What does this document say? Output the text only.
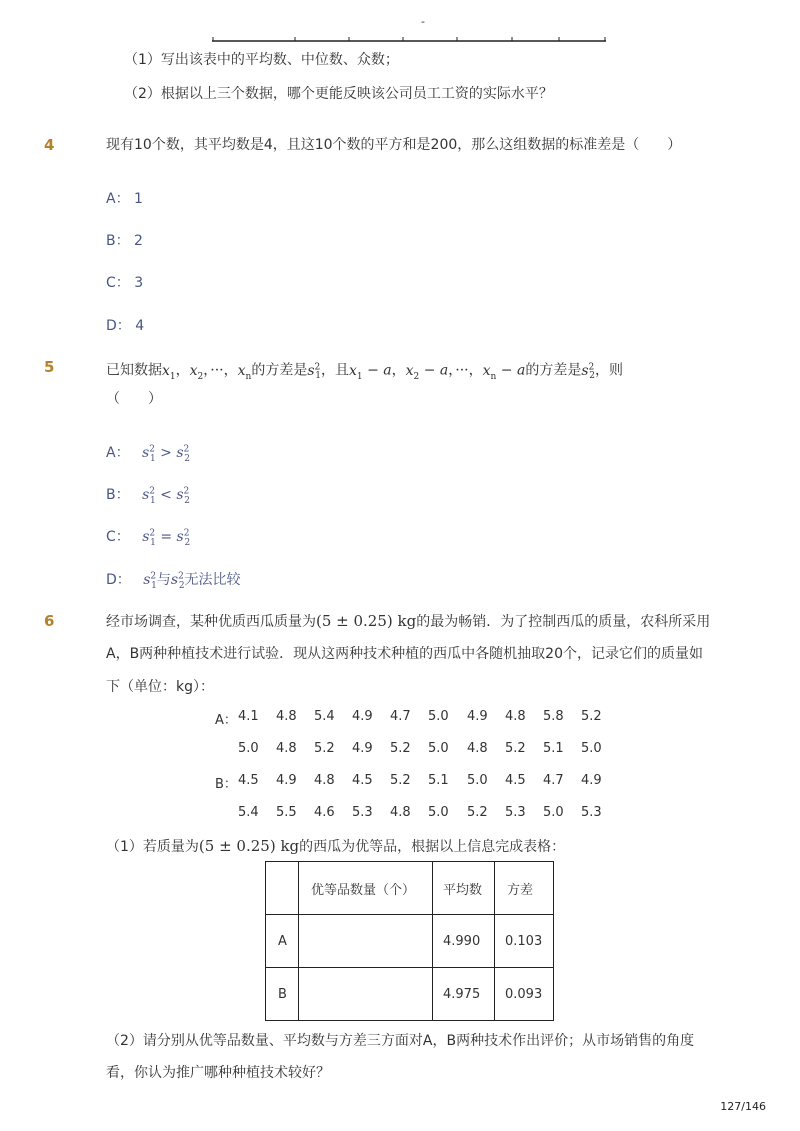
-
（1）写出该表中的平均数、中位数、众数；
（2）根据以上三个数据，哪个更能反映该公司员工工资的实际水平？
4	现有10个数，其平均数是4，且这10个数的平方和是200，那么这组数据的标准差是（　　）
A： 1
B： 2
C： 3
D： 4
5	已知数据$x_1$，$x_2$，···，$x_n$的方差是$s^2_1$，且$x_1 - a$，$x_2 - a$，···，$x_n - a$的方差是$s^2_2$，则
（　　）
A： $s^2_1 > s^2_2$
B： $s^2_1 < s^2_2$
C： $s^2_1 = s^2_2$
D： $s^2_1$与$s^2_2$无法比较
6	经市场调查，某种优质西瓜质量为(5 ± 0.25) kg的最为畅销．为了控制西瓜的质量，农科所采用
A，B两种种植技术进行试验．现从这两种技术种植的西瓜中各随机抽取20个，记录它们的质量如
下（单位：kg）：
A： 4.1 4.8 5.4 4.9 4.7 5.0 4.9 4.8 5.8 5.2
5.0 4.8 5.2 4.9 5.2 5.0 4.8 5.2 5.1 5.0
B： 4.5 4.9 4.8 4.5 5.2 5.1 5.0 4.5 4.7 4.9
5.4 5.5 4.6 5.3 4.8 5.0 5.2 5.3 5.0 5.3
（1）若质量为(5 ± 0.25) kg的西瓜为优等品，根据以上信息完成表格：
	优等品数量（个）	平均数	方差
A		4.990	0.103
B		4.975	0.093
（2）请分别从优等品数量、平均数与方差三方面对A，B两种技术作出评价；从市场销售的角度
看，你认为推广哪种种植技术较好？
127/146
